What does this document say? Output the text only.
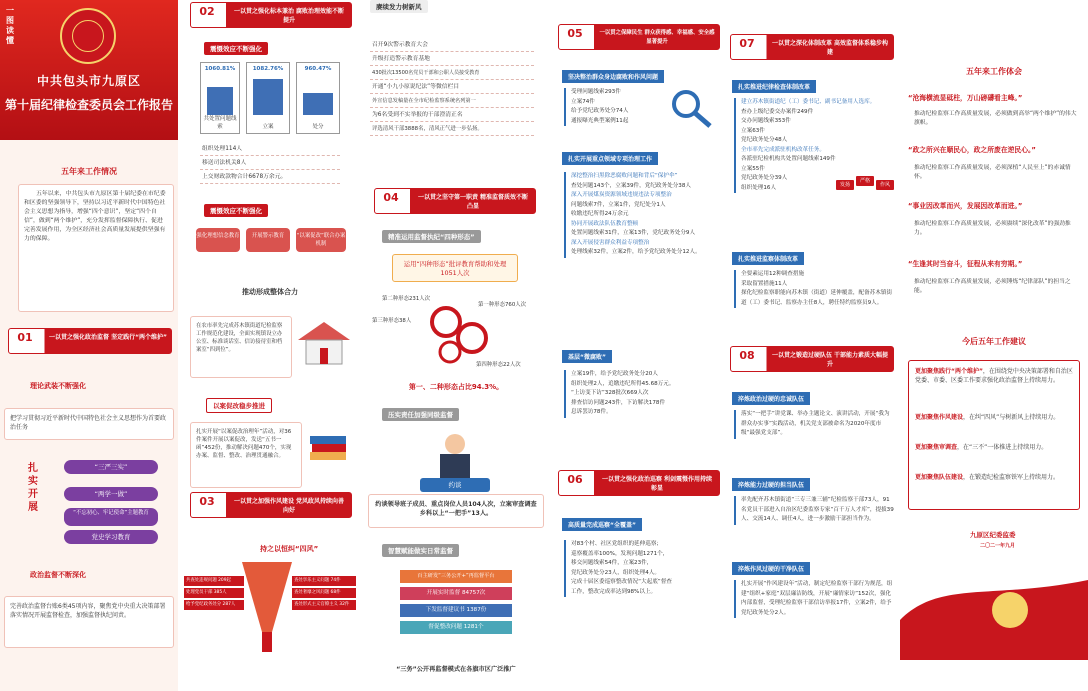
一图读懂
中共包头市九原区
第十届纪律检查委员会工作报告
五年来工作情况
五年以来，中共包头市九原区第十届纪委在市纪委和区委的坚强领导下，坚持以习近平新时代中国特色社会主义思想为指导，增强“四个意识”，坚定“四个自信”，做到“两个维护”，充分发挥监督保障执行、促进完善发展作用，为全区经济社会高质量发展提供坚强有力的保障。
01	一以贯之强化政治监督 坚定践行“两个维护”
理论武装不断强化
把学习贯彻习近平新时代中国特色社会主义思想作为首要政治任务
扎实开展
“三严三实”
“两学一做”
“不忘初心、牢记使命”主题教育
党史学习教育
政治监督不断深化
完善政治监督台账6类45项内容，聚焦党中央重大决策部署落实情况开展监督检查，加强监督执纪问责。
02	一以贯之强化标本兼治 腐败治理效能不断提升
震慑效应不断强化
1060.81%
共处置问题线索
1082.76%
立案
960.47%
处分
组织处理114人
移送司法机关8人
上交财政款物合计6678万余元。
震慑效应不断强化
强化理想信念教育	开展警示教育	“以案促改”联合办案机制
推动形成整体合力
在农市率先完成苏木镇街道纪检监察工作规范化建设，全面实现镇设立办公室、标准谈话室、信访接待室和档案室“四到位”。
以案促改稳步推进
扎实开展“以案促改治理年”活动，对36件案件开展以案促改，发送“五书一函”452份，推动解决问题470个，实现办案、监督、整改、治理贯通融合。
03	一以贯之加强作风建设 党风政风持续向善向好
持之以恒纠“四风”
共查处违规问题 209起
处理党员干部 385人
给予党纪政务处分 287人
查处享乐主义问题 74件
查处奢靡之风问题 68件
查处形式主义官僚主义 32件
赓续发力树新风
召开9次警示教育大会
升级打造警示教育基地
430批次13500名党员干部和公职人员接受教育
开通“小九小原说纪法”等微信栏目
外宣信息发稿量在全市纪检监察系统名列第一
为6名受到不实举报的干部澄清正名
评选清风干部3888名，清风正气进一步弘扬。
04	一以贯之坚守第一职责 精准监督质效不断凸显
精准运用监督执纪“四种形态”
运用“四种形态”批评教育帮助和处理1051人次
第一种形态760人次
第二种形态231人次
第三种形态38人
第四种形态22人次
第一、二种形态占比94.3%。
压实责任加强同级监督
约谈
约谈领导班子成员、重点岗位人员104人次，立案审查调查乡科以上“一把手”13人。
智慧赋能做实日常监督
百主研发“三务公开+”再监督平台
开展实时监督 84757次
下发监督建议书 1387份
督促整改问题 1281个
“三务”公开再监督模式在各旗市区广泛推广
05	一以贯之保障民生 群众获得感、幸福感、安全感显著提升
坚决整治群众身边腐败和作风问题

受理问题线索293件

立案74件

给予党纪政务处分74人

通报曝光典型案例11起

扎实开展重点领域专项治理工作

深挖整治扫黑除恶腐败问题和背后“保护伞”

查处问题143个，立案39件，党纪政务处分38人

深入开展煤炭资源领域违规违法专项整治

问题线索7件，立案1件，党纪处分1人

收缴违纪所得24万余元

协同开展政法队伍教育整顿

处置问题线索31件，立案13件，党纪政务处分9人

深入开展侵害群众利益专项整治

处理线索32件，立案2件，给予党纪政务处分12人。

基层“微腐败”

立案19件，给予党纪政务处分20人

组织处理2人，追缴违纪所得45.68万元。

“上访变下访”328批次669人次

排查信访问题243件，下访解决178件

息诉罢访78件。

06	一以贯之强化政治巡察 利剑震慑作用持续彰显
高质量完成巡察“全覆盖”

对83个村、社区党组织的延伸巡察；

巡察覆盖率100%，发现问题1271个，

移交问题线索54件，立案23件，

党纪政务处分23人，组织处理4人。

完成十届区委巡察整改情况“大起底”督查

工作，整改完成率达到98%以上。

07	一以贯之深化体制改革 高效监督体系稳步构建
扎实推进纪律检查体制改革

建立苏木镇街道纪（工）委书记、副书记备用人选库。

查办上级纪委交办案件249件

交办问题线索353件

立案63件

党纪政务处分48人

全市率先完成派驻机构改革任务。

各派驻纪检机构共处置问题线索149件

立案55件

党纪政务处分39人

组织处理16人	发扬
严格
作风
扎实推进监察体制改革

全要素运用12种调查措施

采取留置措施11人

探化纪检监察职能向苏木镇（街道）延伸覆盖，配备苏木镇街道（工）委书记、监察办主任8人，聘任特约监察员9人。

08	一以贯之锻造过硬队伍 干部能力素质大幅提升
淬炼政治过硬的忠诚队伍
落实“一把手”讲党课、举办主题论文、演讲活动，开展“我为群众办实事”实践活动，机关党支部被命名为2020年度市级“最强党支部”。
淬炼能力过硬的担当队伍
率先配齐苏木镇街道“三专三兼三辅”纪检监察干部73人，91名党员干部进入自治区纪委监察专家“百千万人才库”，提拔39人、交流14人、调任4人，进一步激励干部担当作为。
淬炼作风过硬的干净队伍
扎实开展“作风建设年”活动，制定纪检监察干部行为规范，组建“组织+家庭”双层廉洁防线，开展“廉情家访”152次，强化内部监督，受理纪检监察干部信访举报17件，立案2件，给予党纪政务处分2人。
五年来工作体会
“沧海横流显砥柱，万山磅礴看主峰。”
推动纪检监察工作高质量发展，必须做到高举“两个维护”的伟大旗帜。
“政之所兴在顺民心，政之所废在逆民心。”
推动纪检监察工作高质量发展，必须深植“人民至上”的赤诚情怀。
“事业因改革而兴，发展因改革而进。”
推动纪检监察工作高质量发展，必须赓续“深化改革”的强劲推力。
“生逢其时当奋斗，征程从来有穷期。”
推动纪检监察工作高质量发展，必须锤炼“纪律部队”的担当之能。
今后五年工作建议
更加聚焦践行“两个维护”，在围绕党中央决策部署和自治区党委、市委、区委工作要求强化政治监督上持续用力。
更加聚焦作风建设，在纠“四风”与树新风上持续用力。
更加聚焦审调查，在“三不”一体推进上持续用力。
更加聚焦队伍建设，在锻造纪检监察铁军上持续用力。
九原区纪委监委
二〇二一年九月
